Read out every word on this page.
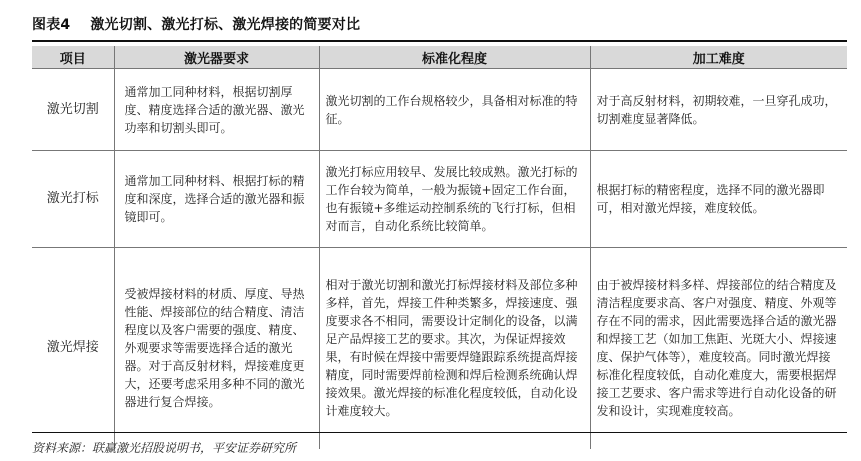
图表4 激光切割、激光打标、激光焊接的简要对比
项目	激光器要求	标准化程度	加工难度
激光切割	通常加工同种材料，根据切割厚度、精度选择合适的激光器、激光功率和切割头即可。	激光切割的工作台规格较少，具备相对标准的特征。	对于高反射材料，初期较难，一旦穿孔成功，切割难度显著降低。
激光打标	通常加工同种材料、根据打标的精度和深度，选择合适的激光器和振镜即可。	激光打标应用较早、发展比较成熟。激光打标的工作台较为简单，一般为振镜+固定工作台面，也有振镜+多维运动控制系统的飞行打标，但相对而言，自动化系统比较简单。	根据打标的精密程度，选择不同的激光器即可，相对激光焊接，难度较低。
激光焊接	受被焊接材料的材质、厚度、导热性能、焊接部位的结合精度、清洁程度以及客户需要的强度、精度、外观要求等需要选择合适的激光器。对于高反射材料，焊接难度更大，还要考虑采用多种不同的激光器进行复合焊接。	相对于激光切割和激光打标焊接材料及部位多种多样，首先，焊接工件种类繁多，焊接速度、强度要求各不相同，需要设计定制化的设备，以满足产品焊接工艺的要求。其次，为保证焊接效果，有时候在焊接中需要焊缝跟踪系统提高焊接精度，同时需要焊前检测和焊后检测系统确认焊接效果。激光焊接的标准化程度较低，自动化设计难度较大。	由于被焊接材料多样、焊接部位的结合精度及清洁程度要求高、客户对强度、精度、外观等存在不同的需求，因此需要选择合适的激光器和焊接工艺（如加工焦距、光斑大小、焊接速度、保护气体等），难度较高。同时激光焊接标准化程度较低，自动化难度大，需要根据焊接工艺要求、客户需求等进行自动化设备的研发和设计，实现难度较高。
资料来源：联赢激光招股说明书，平安证券研究所
